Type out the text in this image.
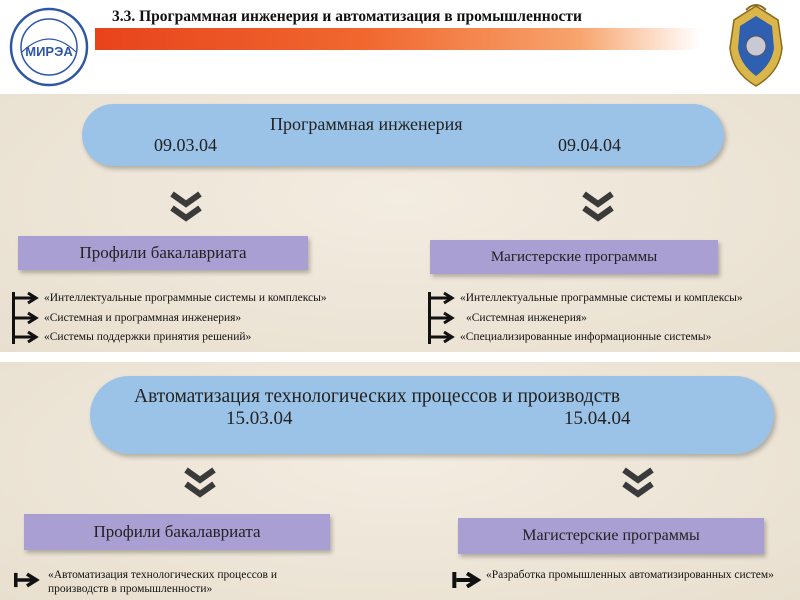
3.3. Программная инженерия и автоматизация в промышленности
МИРЭА
Программная инженерия
09.03.04	09.04.04
Профили бакалавриата	Магистерские программы
«Интеллектуальные программные системы и комплексы»
«Системная и программная инженерия»
«Системы поддержки принятия решений»
«Интеллектуальные программные системы и комплексы»
«Системная инженерия»
«Специализированные информационные системы»
Автоматизация технологических процессов и производств
15.03.04	15.04.04
Профили бакалавриата	Магистерские программы
«Автоматизация технологических процессов и производств в промышленности»
«Разработка промышленных автоматизированных систем»
